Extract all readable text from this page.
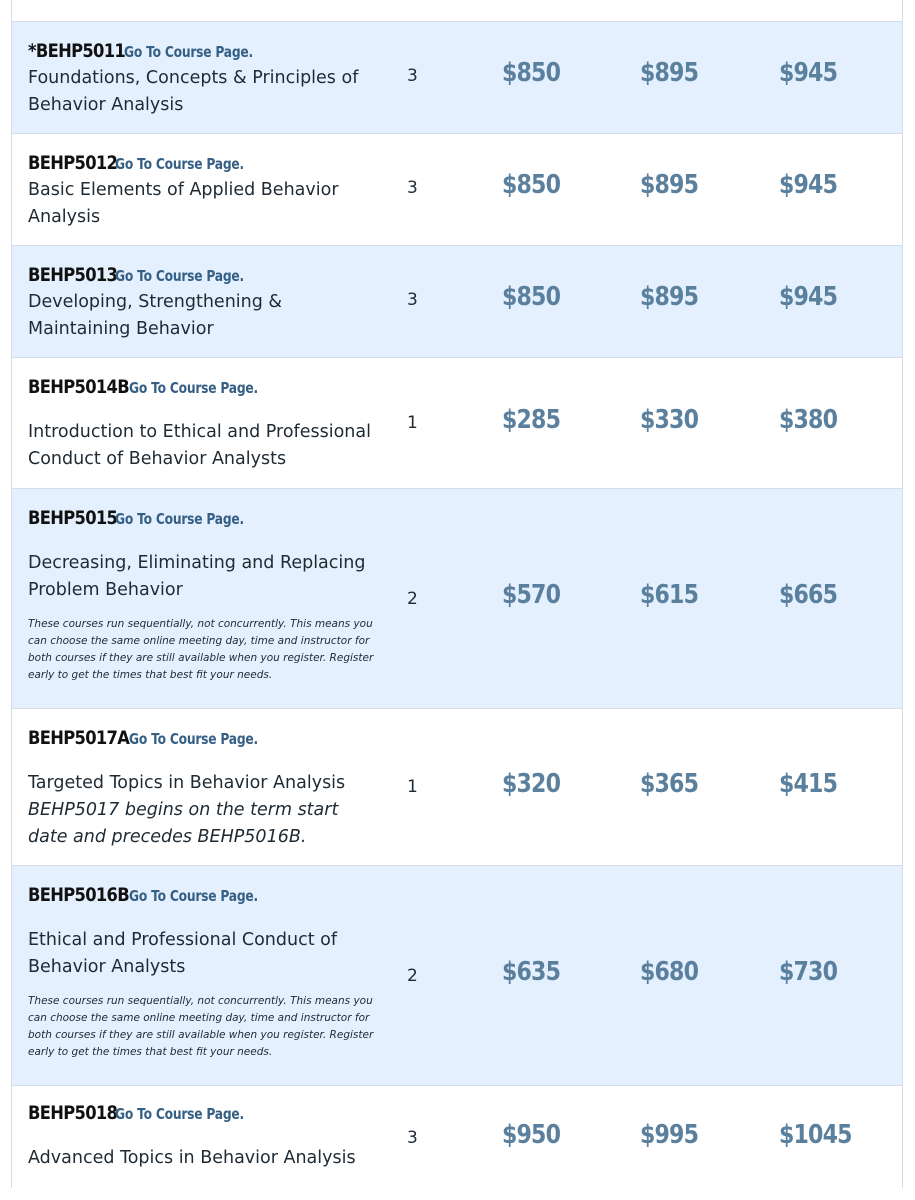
*BEHP5011 Go To Course Page.
Foundations, Concepts & Principles of Behavior Analysis
3	$850	$895	$945
BEHP5012 Go To Course Page.
Basic Elements of Applied Behavior Analysis
3	$850	$895	$945
BEHP5013 Go To Course Page.
Developing, Strengthening & Maintaining Behavior
3	$850	$895	$945
BEHP5014B Go To Course Page.
Introduction to Ethical and Professional Conduct of Behavior Analysts
1	$285	$330	$380
BEHP5015 Go To Course Page.
Decreasing, Eliminating and Replacing Problem Behavior
These courses run sequentially, not concurrently. This means you can choose the same online meeting day, time and instructor for both courses if they are still available when you register. Register early to get the times that best fit your needs.
2	$570	$615	$665
BEHP5017A Go To Course Page.
Targeted Topics in Behavior Analysis
BEHP5017 begins on the term start date and precedes BEHP5016B.
1	$320	$365	$415
BEHP5016B Go To Course Page.
Ethical and Professional Conduct of Behavior Analysts
These courses run sequentially, not concurrently. This means you can choose the same online meeting day, time and instructor for both courses if they are still available when you register. Register early to get the times that best fit your needs.
2	$635	$680	$730
BEHP5018 Go To Course Page.
Advanced Topics in Behavior Analysis
3	$950	$995	$1045
